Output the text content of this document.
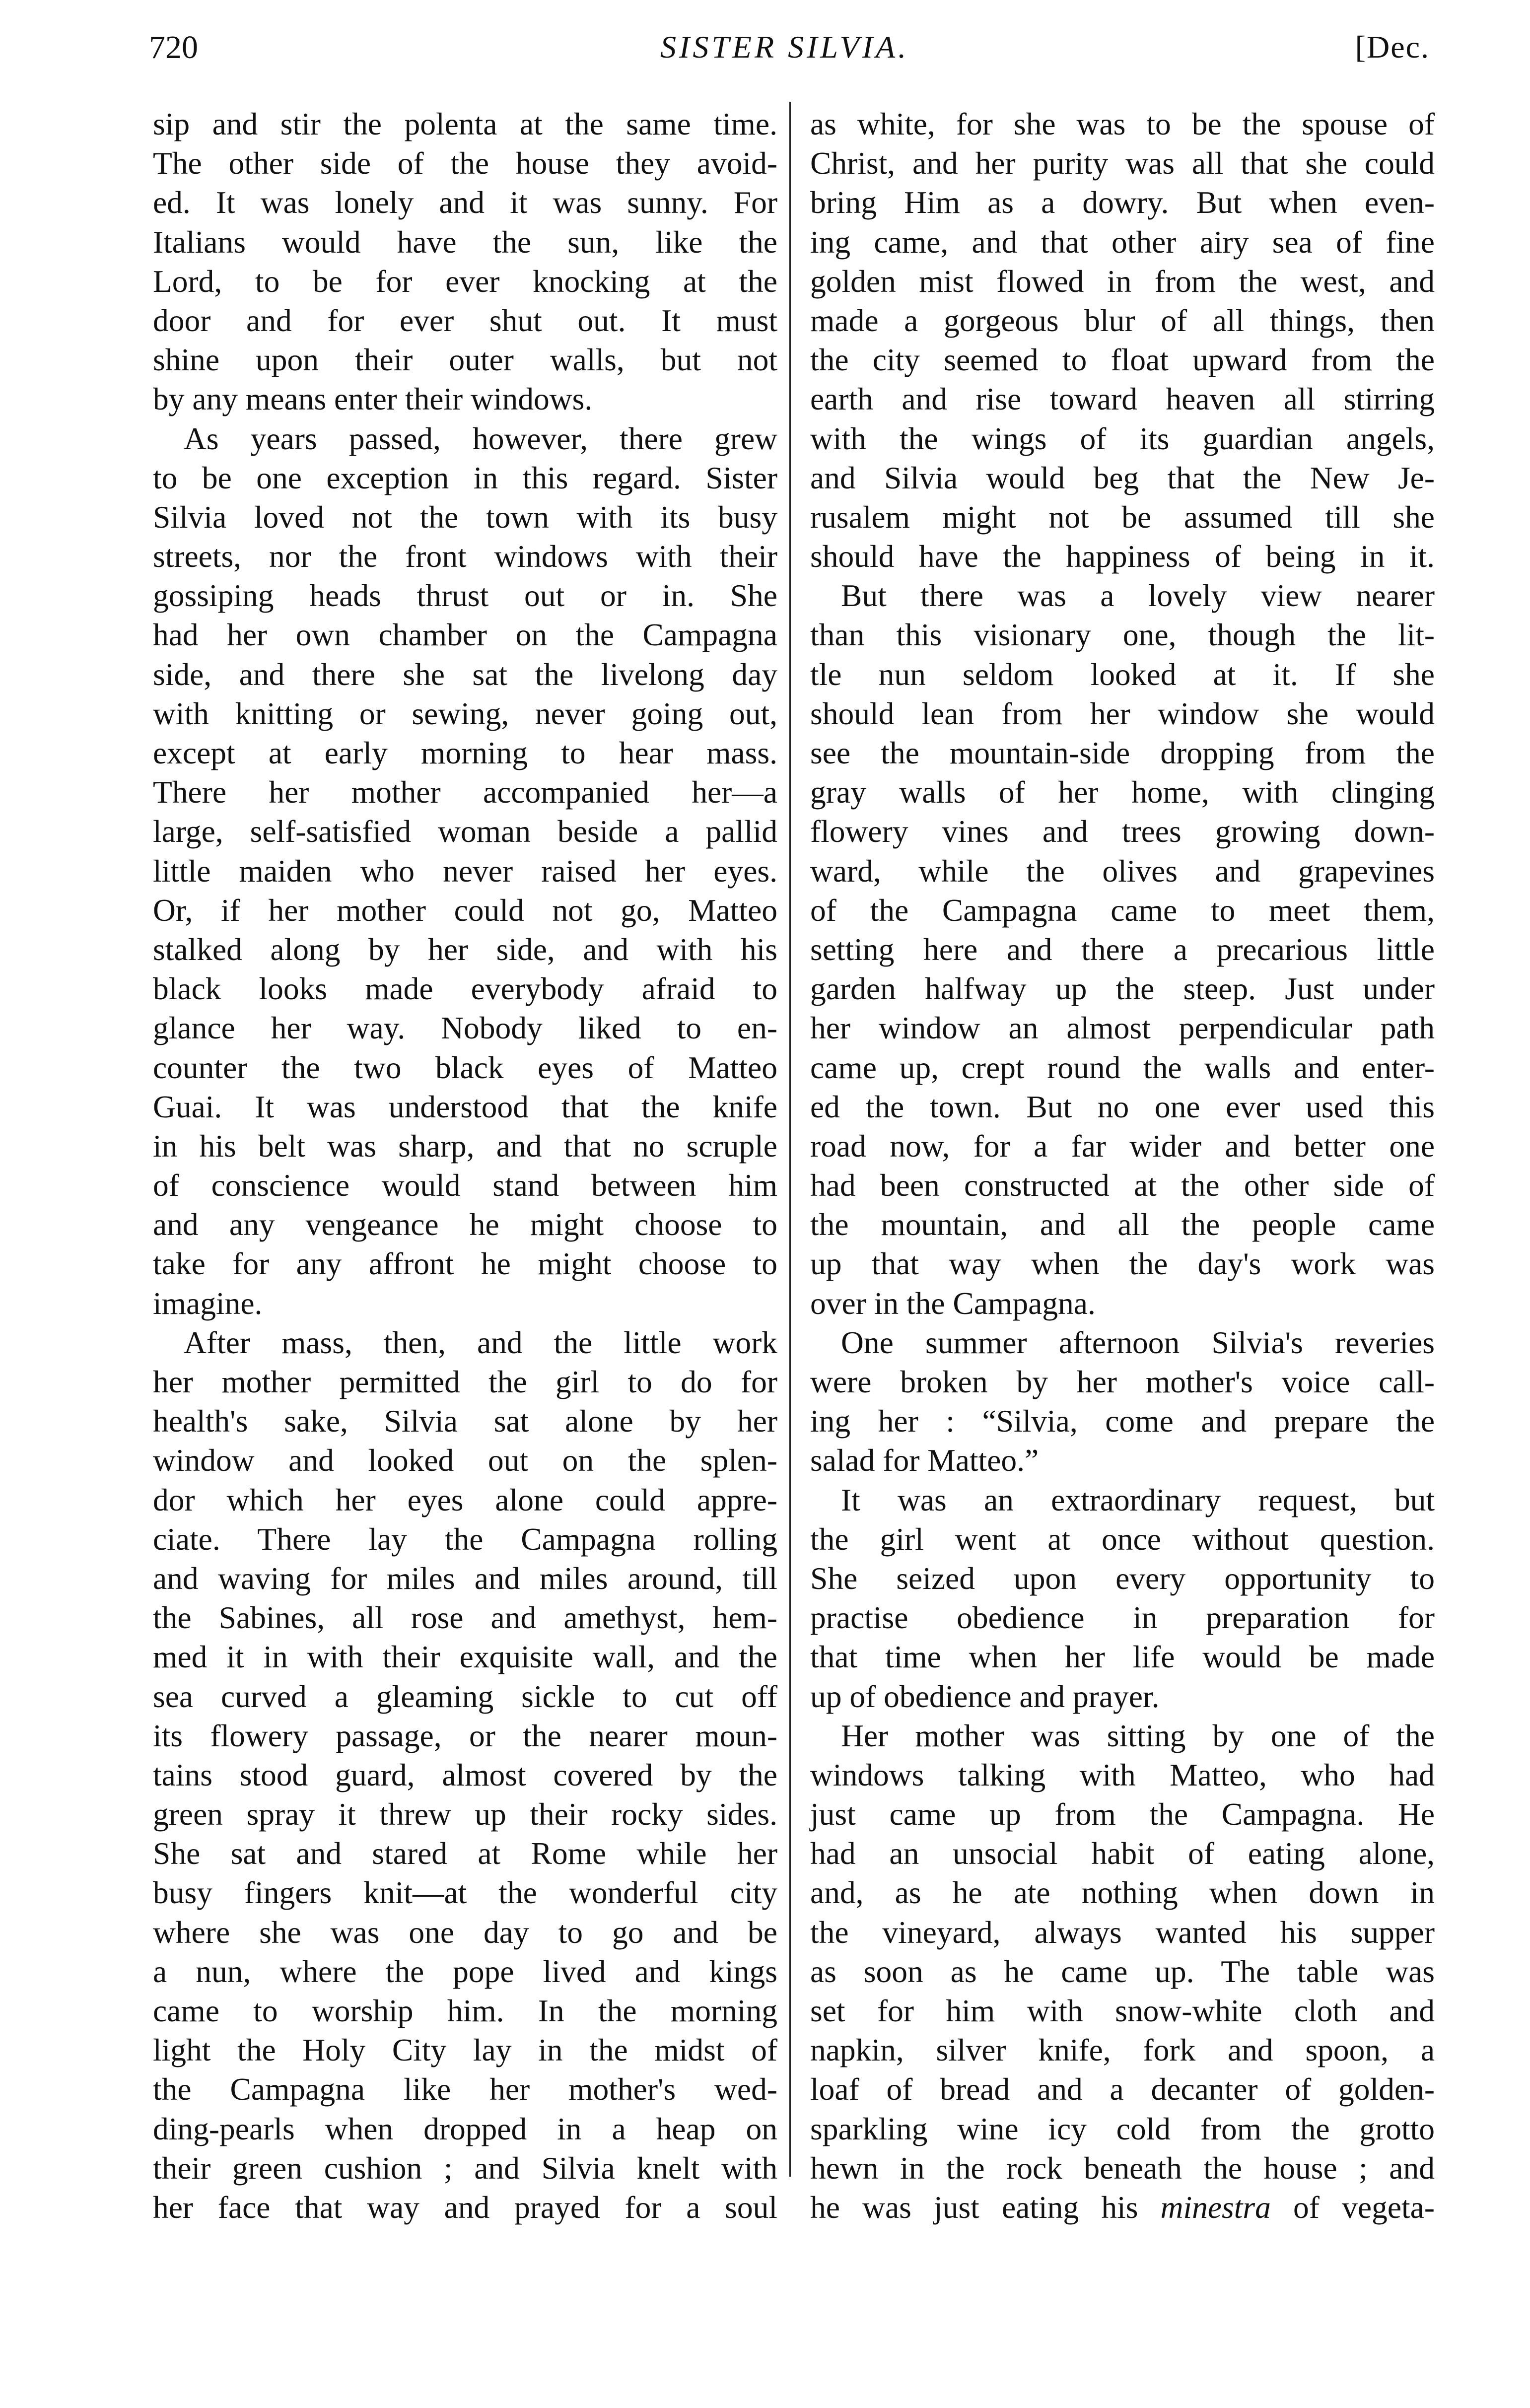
720	SISTER SILVIA.	[Dec.
sip and stir the polenta at the same time.
The other side of the house they avoid-
ed. It was lonely and it was sunny. For
Italians would have the sun, like the
Lord, to be for ever knocking at the
door and for ever shut out. It must
shine upon their outer walls, but not
by any means enter their windows.
As years passed, however, there grew
to be one exception in this regard. Sister
Silvia loved not the town with its busy
streets, nor the front windows with their
gossiping heads thrust out or in. She
had her own chamber on the Campagna
side, and there she sat the livelong day
with knitting or sewing, never going out,
except at early morning to hear mass.
There her mother accompanied her—a
large, self-satisfied woman beside a pallid
little maiden who never raised her eyes.
Or, if her mother could not go, Matteo
stalked along by her side, and with his
black looks made everybody afraid to
glance her way. Nobody liked to en-
counter the two black eyes of Matteo
Guai. It was understood that the knife
in his belt was sharp, and that no scruple
of conscience would stand between him
and any vengeance he might choose to
take for any affront he might choose to
imagine.
After mass, then, and the little work
her mother permitted the girl to do for
health's sake, Silvia sat alone by her
window and looked out on the splen-
dor which her eyes alone could appre-
ciate. There lay the Campagna rolling
and waving for miles and miles around, till
the Sabines, all rose and amethyst, hem-
med it in with their exquisite wall, and the
sea curved a gleaming sickle to cut off
its flowery passage, or the nearer moun-
tains stood guard, almost covered by the
green spray it threw up their rocky sides.
She sat and stared at Rome while her
busy fingers knit—at the wonderful city
where she was one day to go and be
a nun, where the pope lived and kings
came to worship him. In the morning
light the Holy City lay in the midst of
the Campagna like her mother's wed-
ding-pearls when dropped in a heap on
their green cushion ; and Silvia knelt with
her face that way and prayed for a soul
as white, for she was to be the spouse of
Christ, and her purity was all that she could
bring Him as a dowry. But when even-
ing came, and that other airy sea of fine
golden mist flowed in from the west, and
made a gorgeous blur of all things, then
the city seemed to float upward from the
earth and rise toward heaven all stirring
with the wings of its guardian angels,
and Silvia would beg that the New Je-
rusalem might not be assumed till she
should have the happiness of being in it.
But there was a lovely view nearer
than this visionary one, though the lit-
tle nun seldom looked at it. If she
should lean from her window she would
see the mountain-side dropping from the
gray walls of her home, with clinging
flowery vines and trees growing down-
ward, while the olives and grapevines
of the Campagna came to meet them,
setting here and there a precarious little
garden halfway up the steep. Just under
her window an almost perpendicular path
came up, crept round the walls and enter-
ed the town. But no one ever used this
road now, for a far wider and better one
had been constructed at the other side of
the mountain, and all the people came
up that way when the day's work was
over in the Campagna.
One summer afternoon Silvia's reveries
were broken by her mother's voice call-
ing her : “Silvia, come and prepare the
salad for Matteo.”
It was an extraordinary request, but
the girl went at once without question.
She seized upon every opportunity to
practise obedience in preparation for
that time when her life would be made
up of obedience and prayer.
Her mother was sitting by one of the
windows talking with Matteo, who had
just came up from the Campagna. He
had an unsocial habit of eating alone,
and, as he ate nothing when down in
the vineyard, always wanted his supper
as soon as he came up. The table was
set for him with snow-white cloth and
napkin, silver knife, fork and spoon, a
loaf of bread and a decanter of golden-
sparkling wine icy cold from the grotto
hewn in the rock beneath the house ; and
he was just eating his minestra of vegeta-
